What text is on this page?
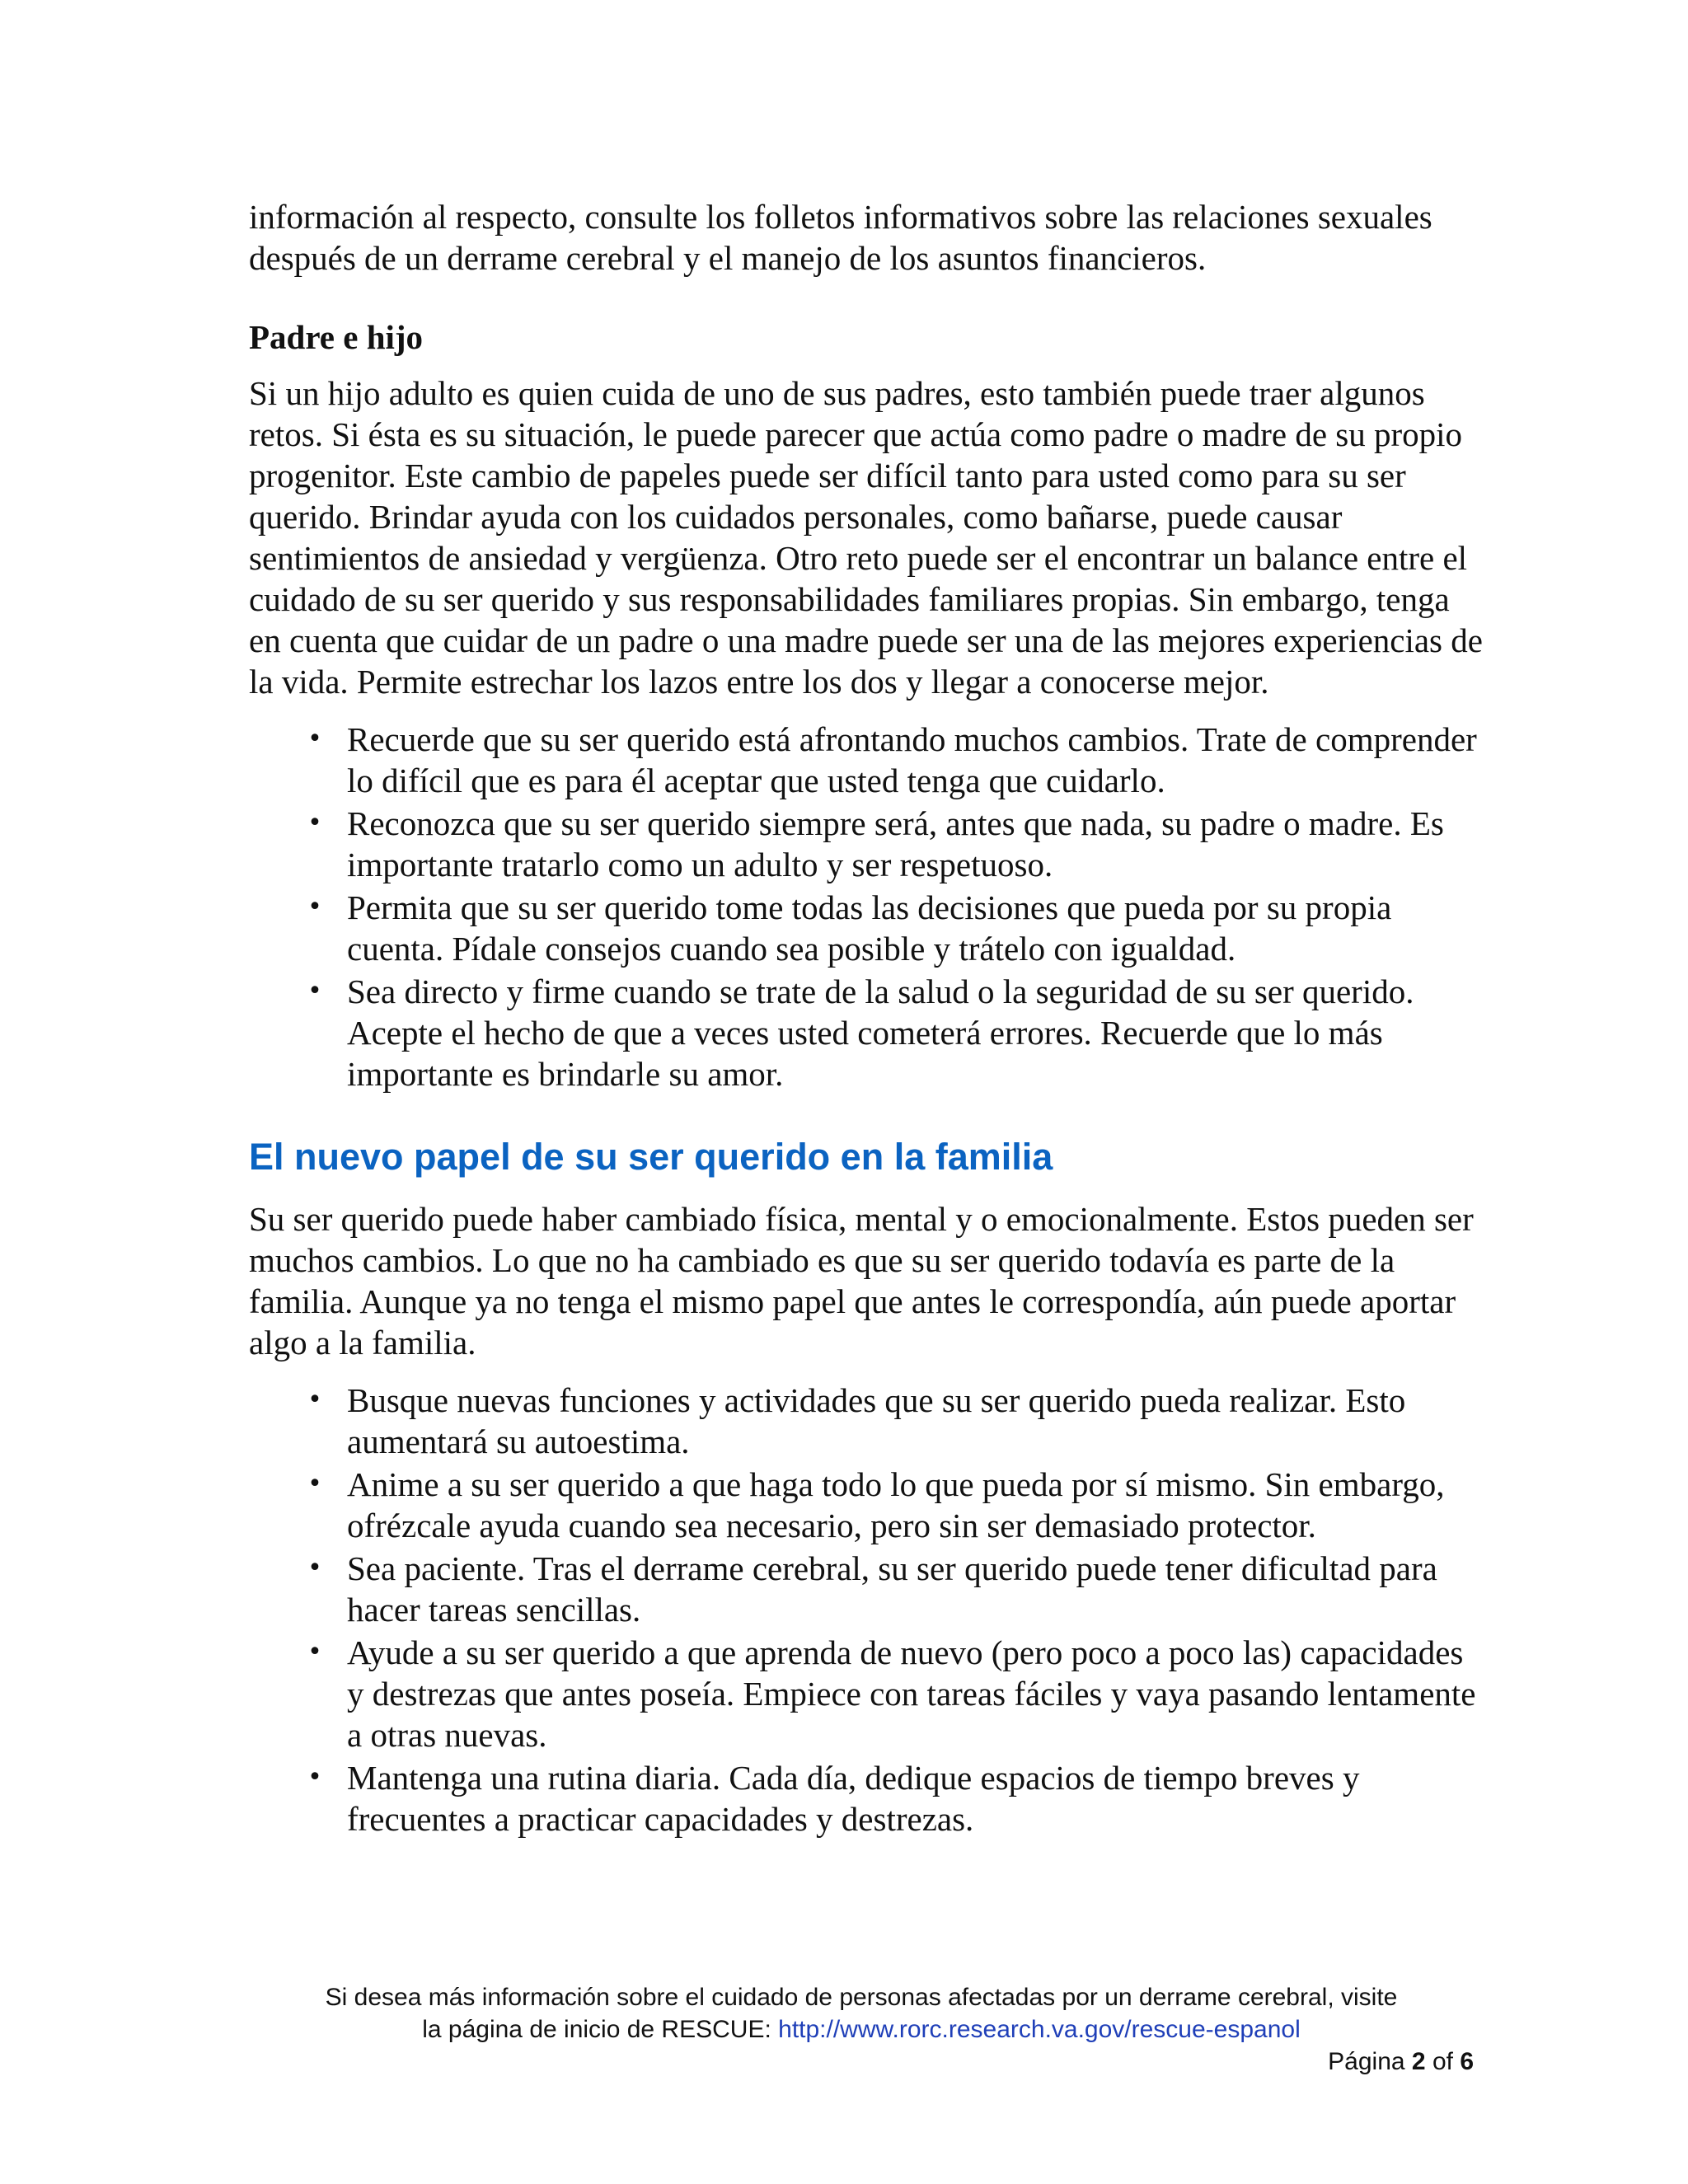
información al respecto, consulte los folletos informativos sobre las relaciones sexuales después de un derrame cerebral y el manejo de los asuntos financieros.

Padre e hijo

Si un hijo adulto es quien cuida de uno de sus padres, esto también puede traer algunos retos. Si ésta es su situación, le puede parecer que actúa como padre o madre de su propio progenitor. Este cambio de papeles puede ser difícil tanto para usted como para su ser querido. Brindar ayuda con los cuidados personales, como bañarse, puede causar sentimientos de ansiedad y vergüenza. Otro reto puede ser el encontrar un balance entre el cuidado de su ser querido y sus responsabilidades familiares propias. Sin embargo, tenga en cuenta que cuidar de un padre o una madre puede ser una de las mejores experiencias de la vida. Permite estrechar los lazos entre los dos y llegar a conocerse mejor.

• Recuerde que su ser querido está afrontando muchos cambios. Trate de comprender lo difícil que es para él aceptar que usted tenga que cuidarlo.
• Reconozca que su ser querido siempre será, antes que nada, su padre o madre. Es importante tratarlo como un adulto y ser respetuoso.
• Permita que su ser querido tome todas las decisiones que pueda por su propia cuenta. Pídale consejos cuando sea posible y trátelo con igualdad.
• Sea directo y firme cuando se trate de la salud o la seguridad de su ser querido. Acepte el hecho de que a veces usted cometerá errores. Recuerde que lo más importante es brindarle su amor.
El nuevo papel de su ser querido en la familia

Su ser querido puede haber cambiado física, mental y o emocionalmente. Estos pueden ser muchos cambios. Lo que no ha cambiado es que su ser querido todavía es parte de la familia. Aunque ya no tenga el mismo papel que antes le correspondía, aún puede aportar algo a la familia.

• Busque nuevas funciones y actividades que su ser querido pueda realizar. Esto aumentará su autoestima.
• Anime a su ser querido a que haga todo lo que pueda por sí mismo. Sin embargo, ofrézcale ayuda cuando sea necesario, pero sin ser demasiado protector.
• Sea paciente. Tras el derrame cerebral, su ser querido puede tener dificultad para hacer tareas sencillas.
• Ayude a su ser querido a que aprenda de nuevo (pero poco a poco las) capacidades y destrezas que antes poseía. Empiece con tareas fáciles y vaya pasando lentamente a otras nuevas.
• Mantenga una rutina diaria. Cada día, dedique espacios de tiempo breves y frecuentes a practicar capacidades y destrezas.

Si desea más información sobre el cuidado de personas afectadas por un derrame cerebral, visite

la página de inicio de RESCUE: http://www.rorc.research.va.gov/rescue-espanol

Página 2 of 6
